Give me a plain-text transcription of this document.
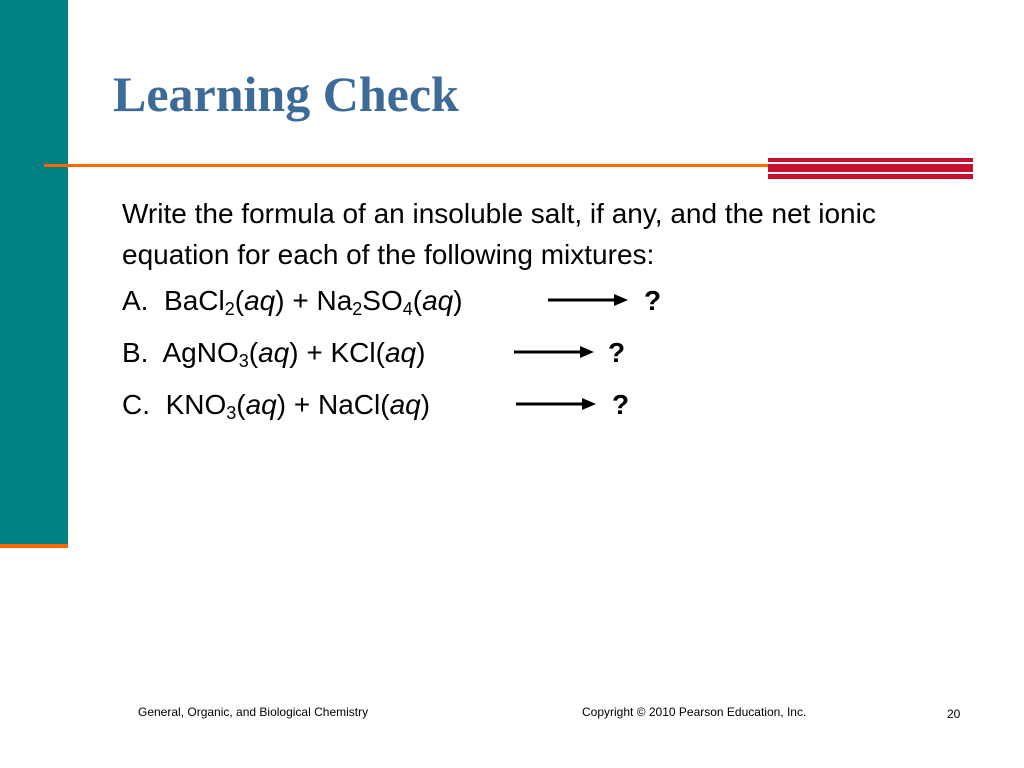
Learning Check

Write the formula of an insoluble salt, if any, and the net ionic equation for each of the following mixtures:

A. BaCl$_2$(aq) + $Na_2SO_4(aq)$	→ ?
B. AgNO$_3$(aq) + KCl(aq)	→ ?
C. $KNO_3(aq)$ + NaCl(aq)	→ ?
General, Organic, and Biological Chemistry	Copyright © 2010 Pearson Education, Inc.	20
